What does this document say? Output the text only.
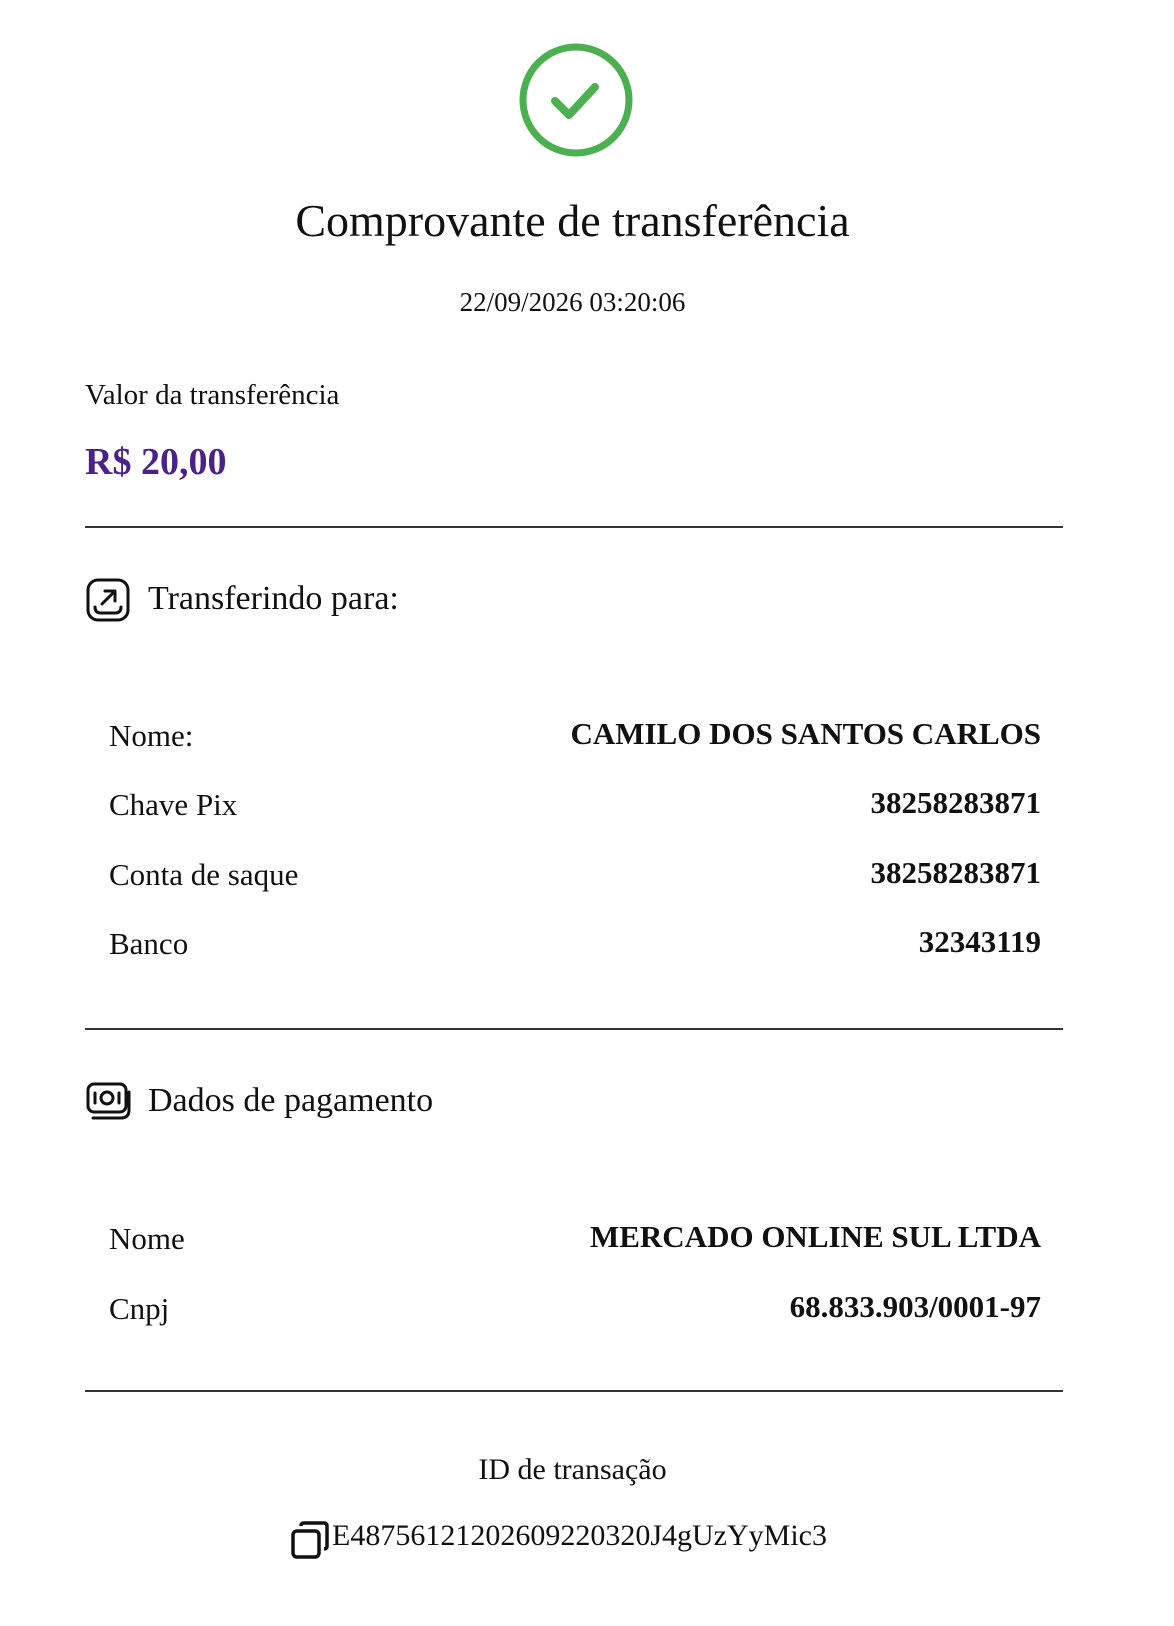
Comprovante de transferência
22/09/2026 03:20:06
Valor da transferência
R$ 20,00
Transferindo para:
Nome:	CAMILO DOS SANTOS CARLOS
Chave Pix	38258283871
Conta de saque	38258283871
Banco	32343119
Dados de pagamento
Nome	MERCADO ONLINE SUL LTDA
Cnpj	68.833.903/0001-97
ID de transação
E48756121202609220320J4gUzYyMic3
